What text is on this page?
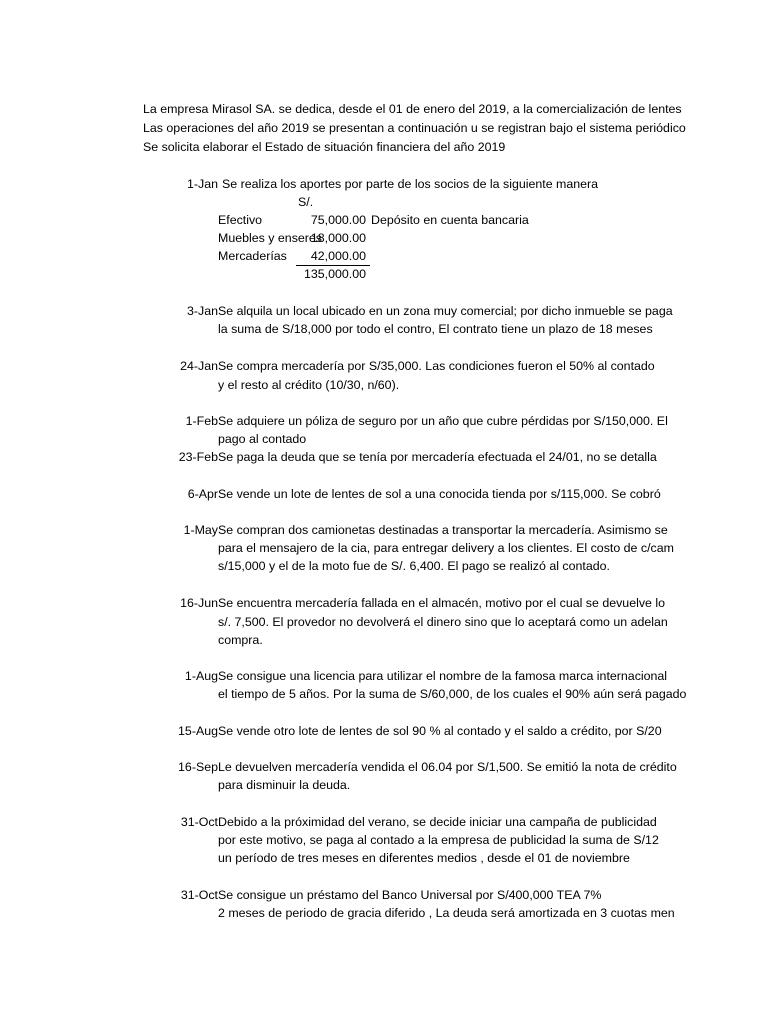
La empresa Mirasol SA. se dedica, desde el 01 de enero del 2019, a la comercialización de lentes
Las operaciones del año 2019 se presentan a continuación u se registran bajo el sistema periódico
Se solicita elaborar el Estado de situación financiera del año 2019
1-Jan Se realiza los aportes por parte de los socios de la siguiente manera
S/.
Efectivo	75,000.00 Depósito en cuenta bancaria
Muebles y enseres
18,000.00
Mercaderías	42,000.00
135,000.00
3-Jan Se alquila un local ubicado en un zona muy comercial; por dicho inmueble se paga
la suma de S/18,000 por todo el contro, El contrato tiene un plazo de 18 meses
24-Jan Se compra mercadería por S/35,000. Las condiciones fueron el 50% al contado
y el resto al crédito (10/30, n/60).
1-Feb Se adquiere un póliza de seguro por un año que cubre pérdidas por S/150,000. El
pago al contado
23-Feb Se paga la deuda que se tenía por mercadería efectuada el 24/01, no se detalla
6-Apr Se vende un lote de lentes de sol a una conocida tienda por s/115,000. Se cobró
1-May Se compran dos camionetas destinadas a transportar la mercadería. Asimismo se
para el mensajero de la cia, para entregar delivery a los clientes. El costo de c/cam
s/15,000 y el de la moto fue de S/. 6,400. El pago se realizó al contado.
16-Jun Se encuentra mercadería fallada en el almacén, motivo por el cual se devuelve lo
s/. 7,500. El provedor no devolverá el dinero sino que lo aceptará como un adelan
compra.
1-Aug Se consigue una licencia para utilizar el nombre de la famosa marca internacional
el tiempo de 5 años. Por la suma de S/60,000, de los cuales el 90% aún será pagado
15-Aug Se vende otro lote de lentes de sol 90 % al contado y el saldo a crédito, por S/20
16-Sep Le devuelven mercadería vendida el 06.04 por S/1,500. Se emitió la nota de crédito
para disminuir la deuda.
31-Oct Debido a la próximidad del verano, se decide iniciar una campaña de publicidad
por este motivo, se paga al contado a la empresa de publicidad la suma de S/12
un período de tres meses en diferentes medios , desde el 01 de noviembre
31-Oct Se consigue un préstamo del Banco Universal por S/400,000 TEA 7%
2 meses de periodo de gracia diferido , La deuda será amortizada en 3 cuotas men
